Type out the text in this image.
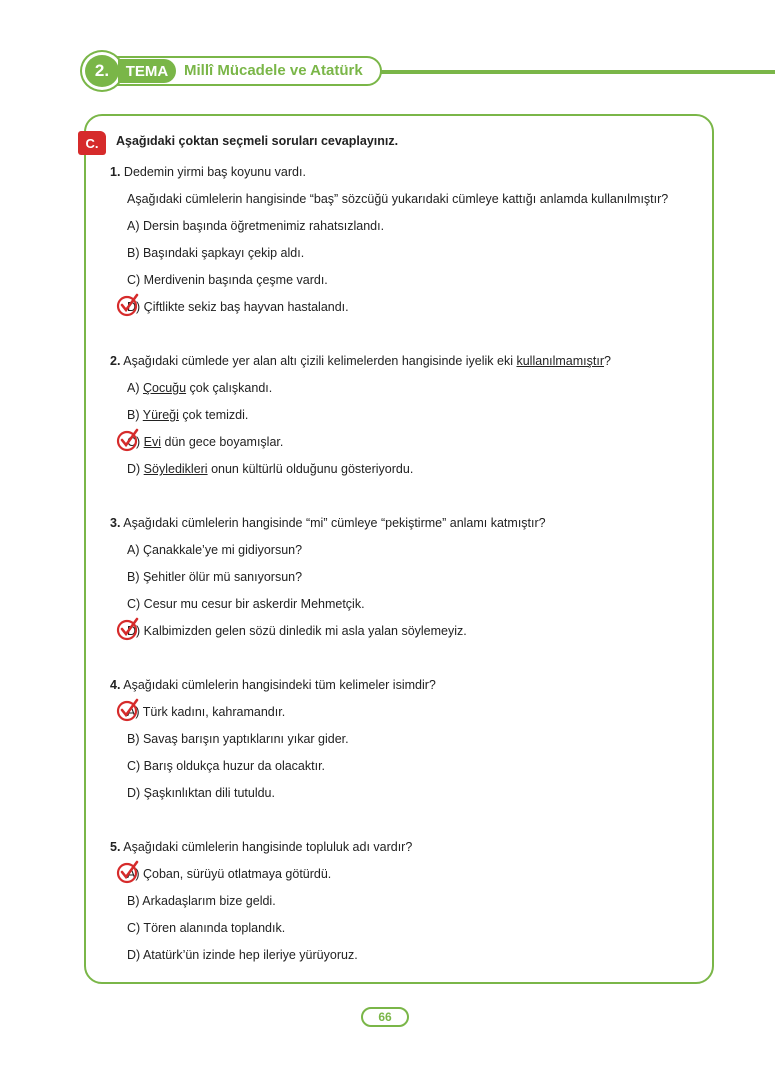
2.	TEMA	Millî Mücadele ve Atatürk
C.	Aşağıdaki çoktan seçmeli soruları cevaplayınız.
1. Dedemin yirmi baş koyunu vardı.
Aşağıdaki cümlelerin hangisinde “baş” sözcüğü yukarıdaki cümleye kattığı anlamda kullanılmıştır?
A) Dersin başında öğretmenimiz rahatsızlandı.
B) Başındaki şapkayı çekip aldı.
C) Merdivenin başında çeşme vardı.
D) Çiftlikte sekiz baş hayvan hastalandı.
2. Aşağıdaki cümlede yer alan altı çizili kelimelerden hangisinde iyelik eki kullanılmamıştır?
A) Çocuğu çok çalışkandı.
B) Yüreği çok temizdi.
C) Evi dün gece boyamışlar.
D) Söyledikleri onun kültürlü olduğunu gösteriyordu.
3. Aşağıdaki cümlelerin hangisinde “mi” cümleye “pekiştirme” anlamı katmıştır?
A) Çanakkale’ye mi gidiyorsun?
B) Şehitler ölür mü sanıyorsun?
C) Cesur mu cesur bir askerdir Mehmetçik.
D) Kalbimizden gelen sözü dinledik mi asla yalan söylemeyiz.
4. Aşağıdaki cümlelerin hangisindeki tüm kelimeler isimdir?
A) Türk kadını, kahramandır.
B) Savaş barışın yaptıklarını yıkar gider.
C) Barış oldukça huzur da olacaktır.
D) Şaşkınlıktan dili tutuldu.
5. Aşağıdaki cümlelerin hangisinde topluluk adı vardır?
A) Çoban, sürüyü otlatmaya götürdü.
B) Arkadaşlarım bize geldi.
C) Tören alanında toplandık.
D) Atatürk’ün izinde hep ileriye yürüyoruz.
66
